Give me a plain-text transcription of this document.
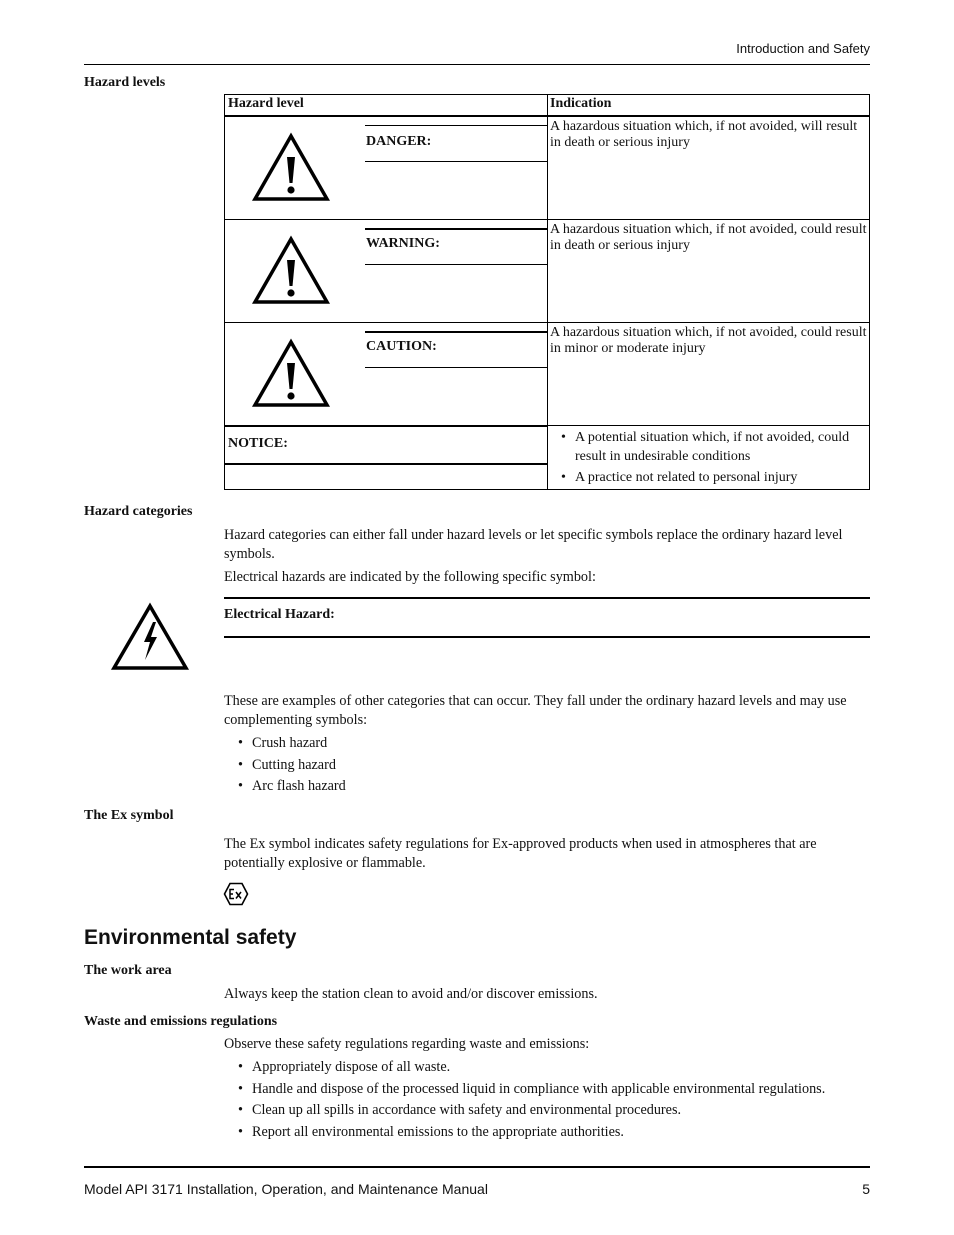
Introduction and Safety
Hazard levels
Hazard level	Indication
DANGER:
A hazardous situation which, if not avoided, will result in death or serious injury
WARNING:
A hazardous situation which, if not avoided, could result in death or serious injury
CAUTION:
A hazardous situation which, if not avoided, could result in minor or moderate injury
NOTICE:
•	A potential situation which, if not avoided, could result in undesirable conditions
• A practice not related to personal injury
Hazard categories
Hazard categories can either fall under hazard levels or let specific symbols replace the ordinary hazard level symbols.
Electrical hazards are indicated by the following specific symbol:
Electrical Hazard:
These are examples of other categories that can occur. They fall under the ordinary hazard levels and may use complementing symbols:
• Crush hazard
• Cutting hazard
• Arc flash hazard
The Ex symbol
The Ex symbol indicates safety regulations for Ex-approved products when used in atmospheres that are potentially explosive or flammable.
Environmental safety
The work area
Always keep the station clean to avoid and/or discover emissions.
Waste and emissions regulations
Observe these safety regulations regarding waste and emissions:
• Appropriately dispose of all waste.
• Handle and dispose of the processed liquid in compliance with applicable environmental regulations.
• Clean up all spills in accordance with safety and environmental procedures.
• Report all environmental emissions to the appropriate authorities.
Model API 3171 Installation, Operation, and Maintenance Manual	5
